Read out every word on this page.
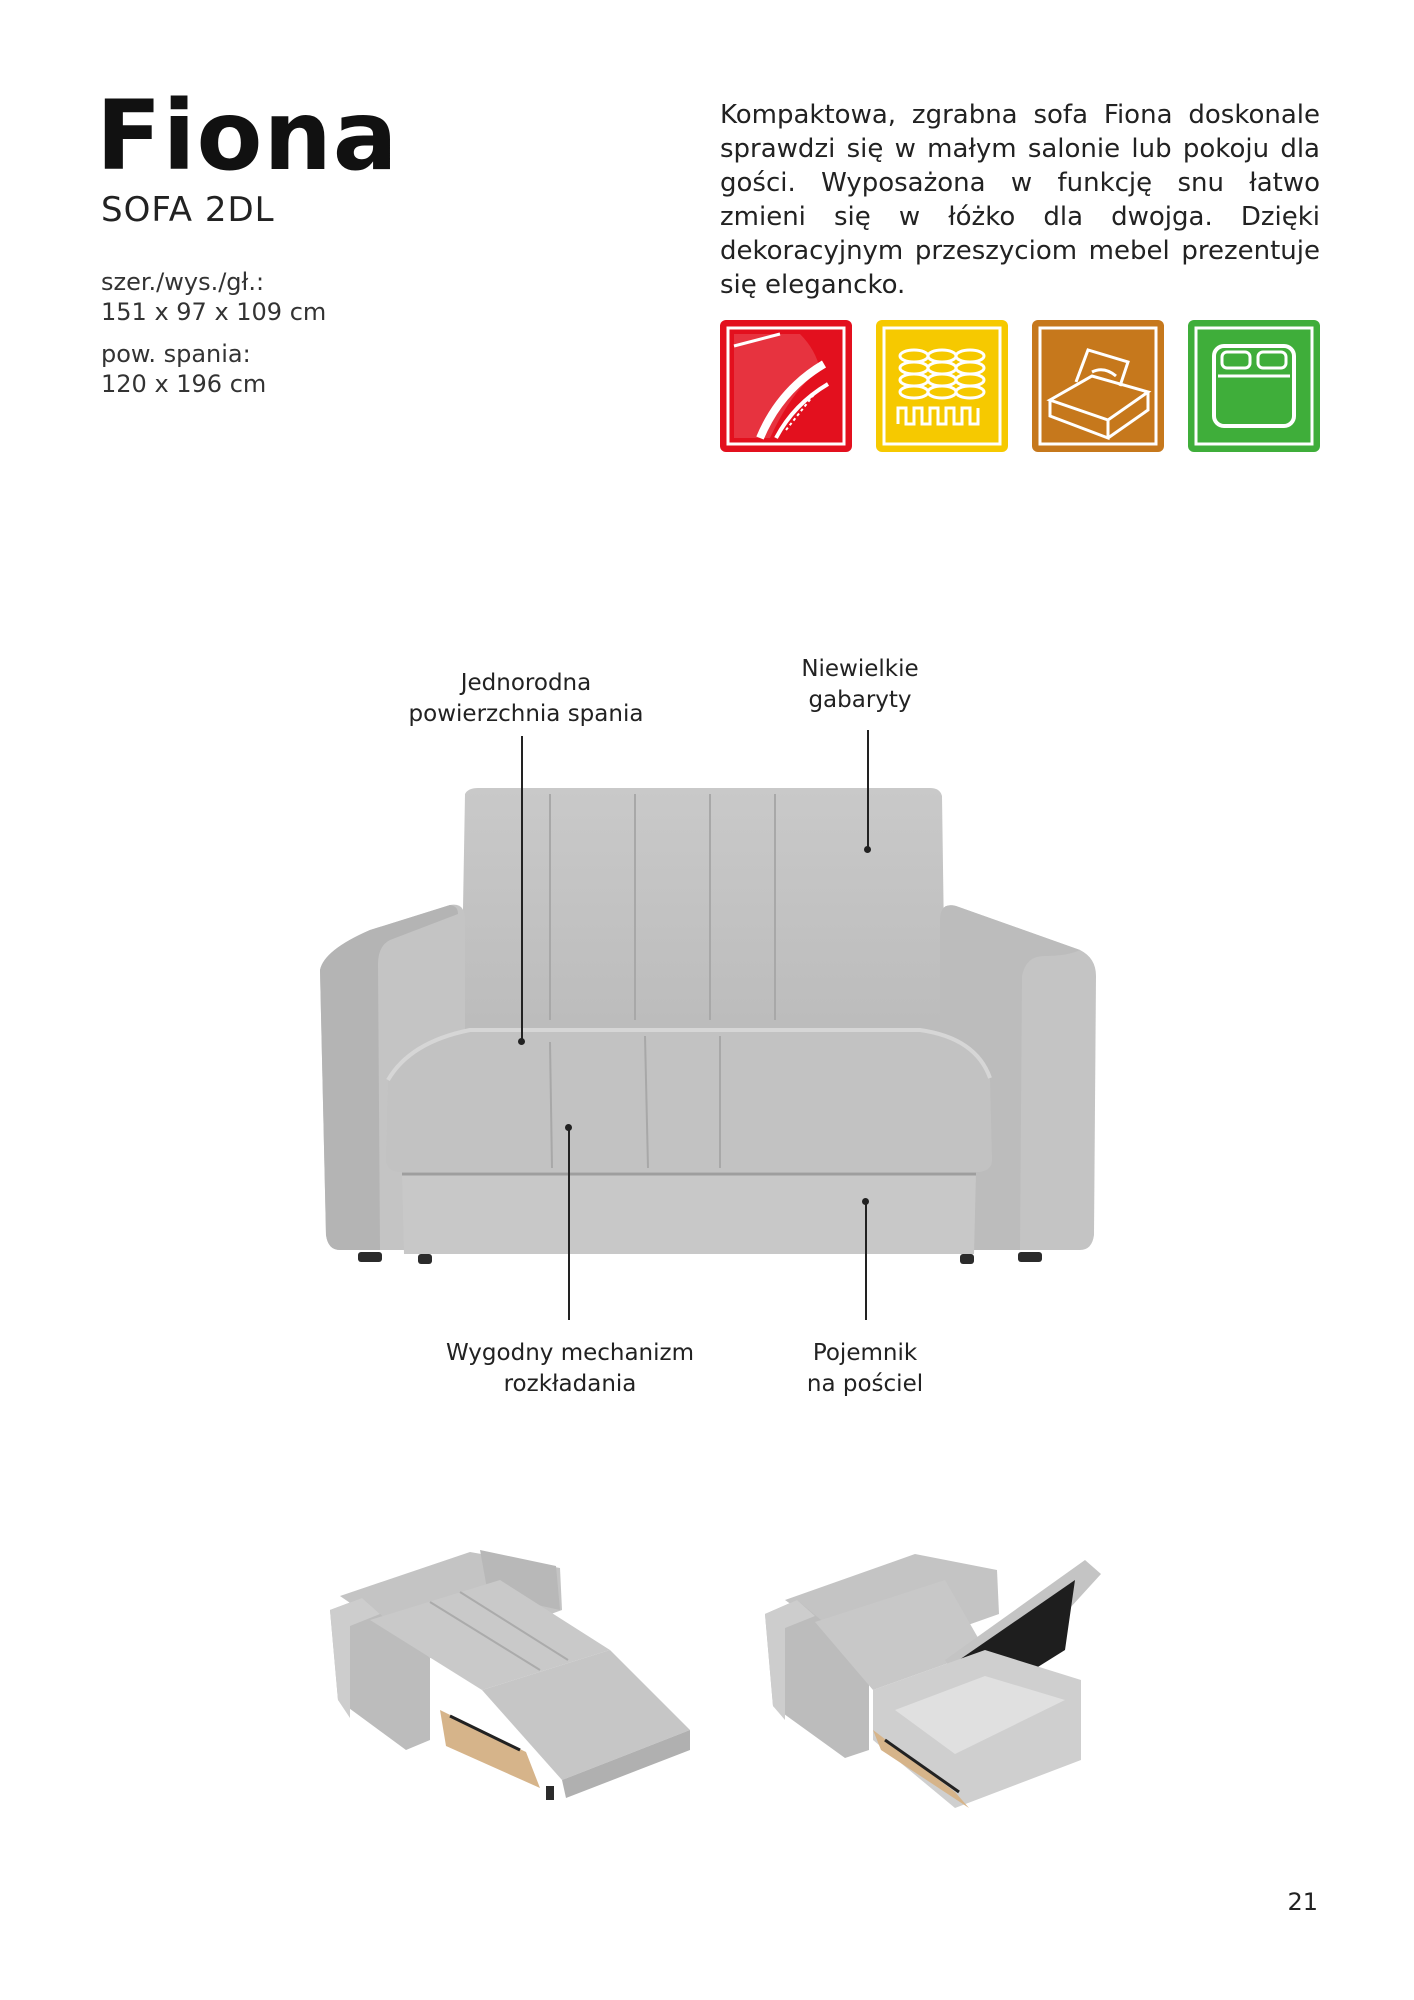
Fiona
SOFA 2DL
szer./wys./gł.:
151 x 97 x 109 cm
pow. spania:
120 x 196 cm
Kompaktowa, zgrabna sofa Fiona doskonale sprawdzi się w małym salonie lub pokoju dla gości. Wyposażona w funkcję snu łatwo zmieni się w łóżko dla dwojga. Dzięki dekoracyjnym przeszyciom mebel prezentuje się elegancko.
Jednorodna
powierzchnia spania
Niewielkie
gabaryty
Wygodny mechanizm
rozkładania
Pojemnik
na pościel
21
